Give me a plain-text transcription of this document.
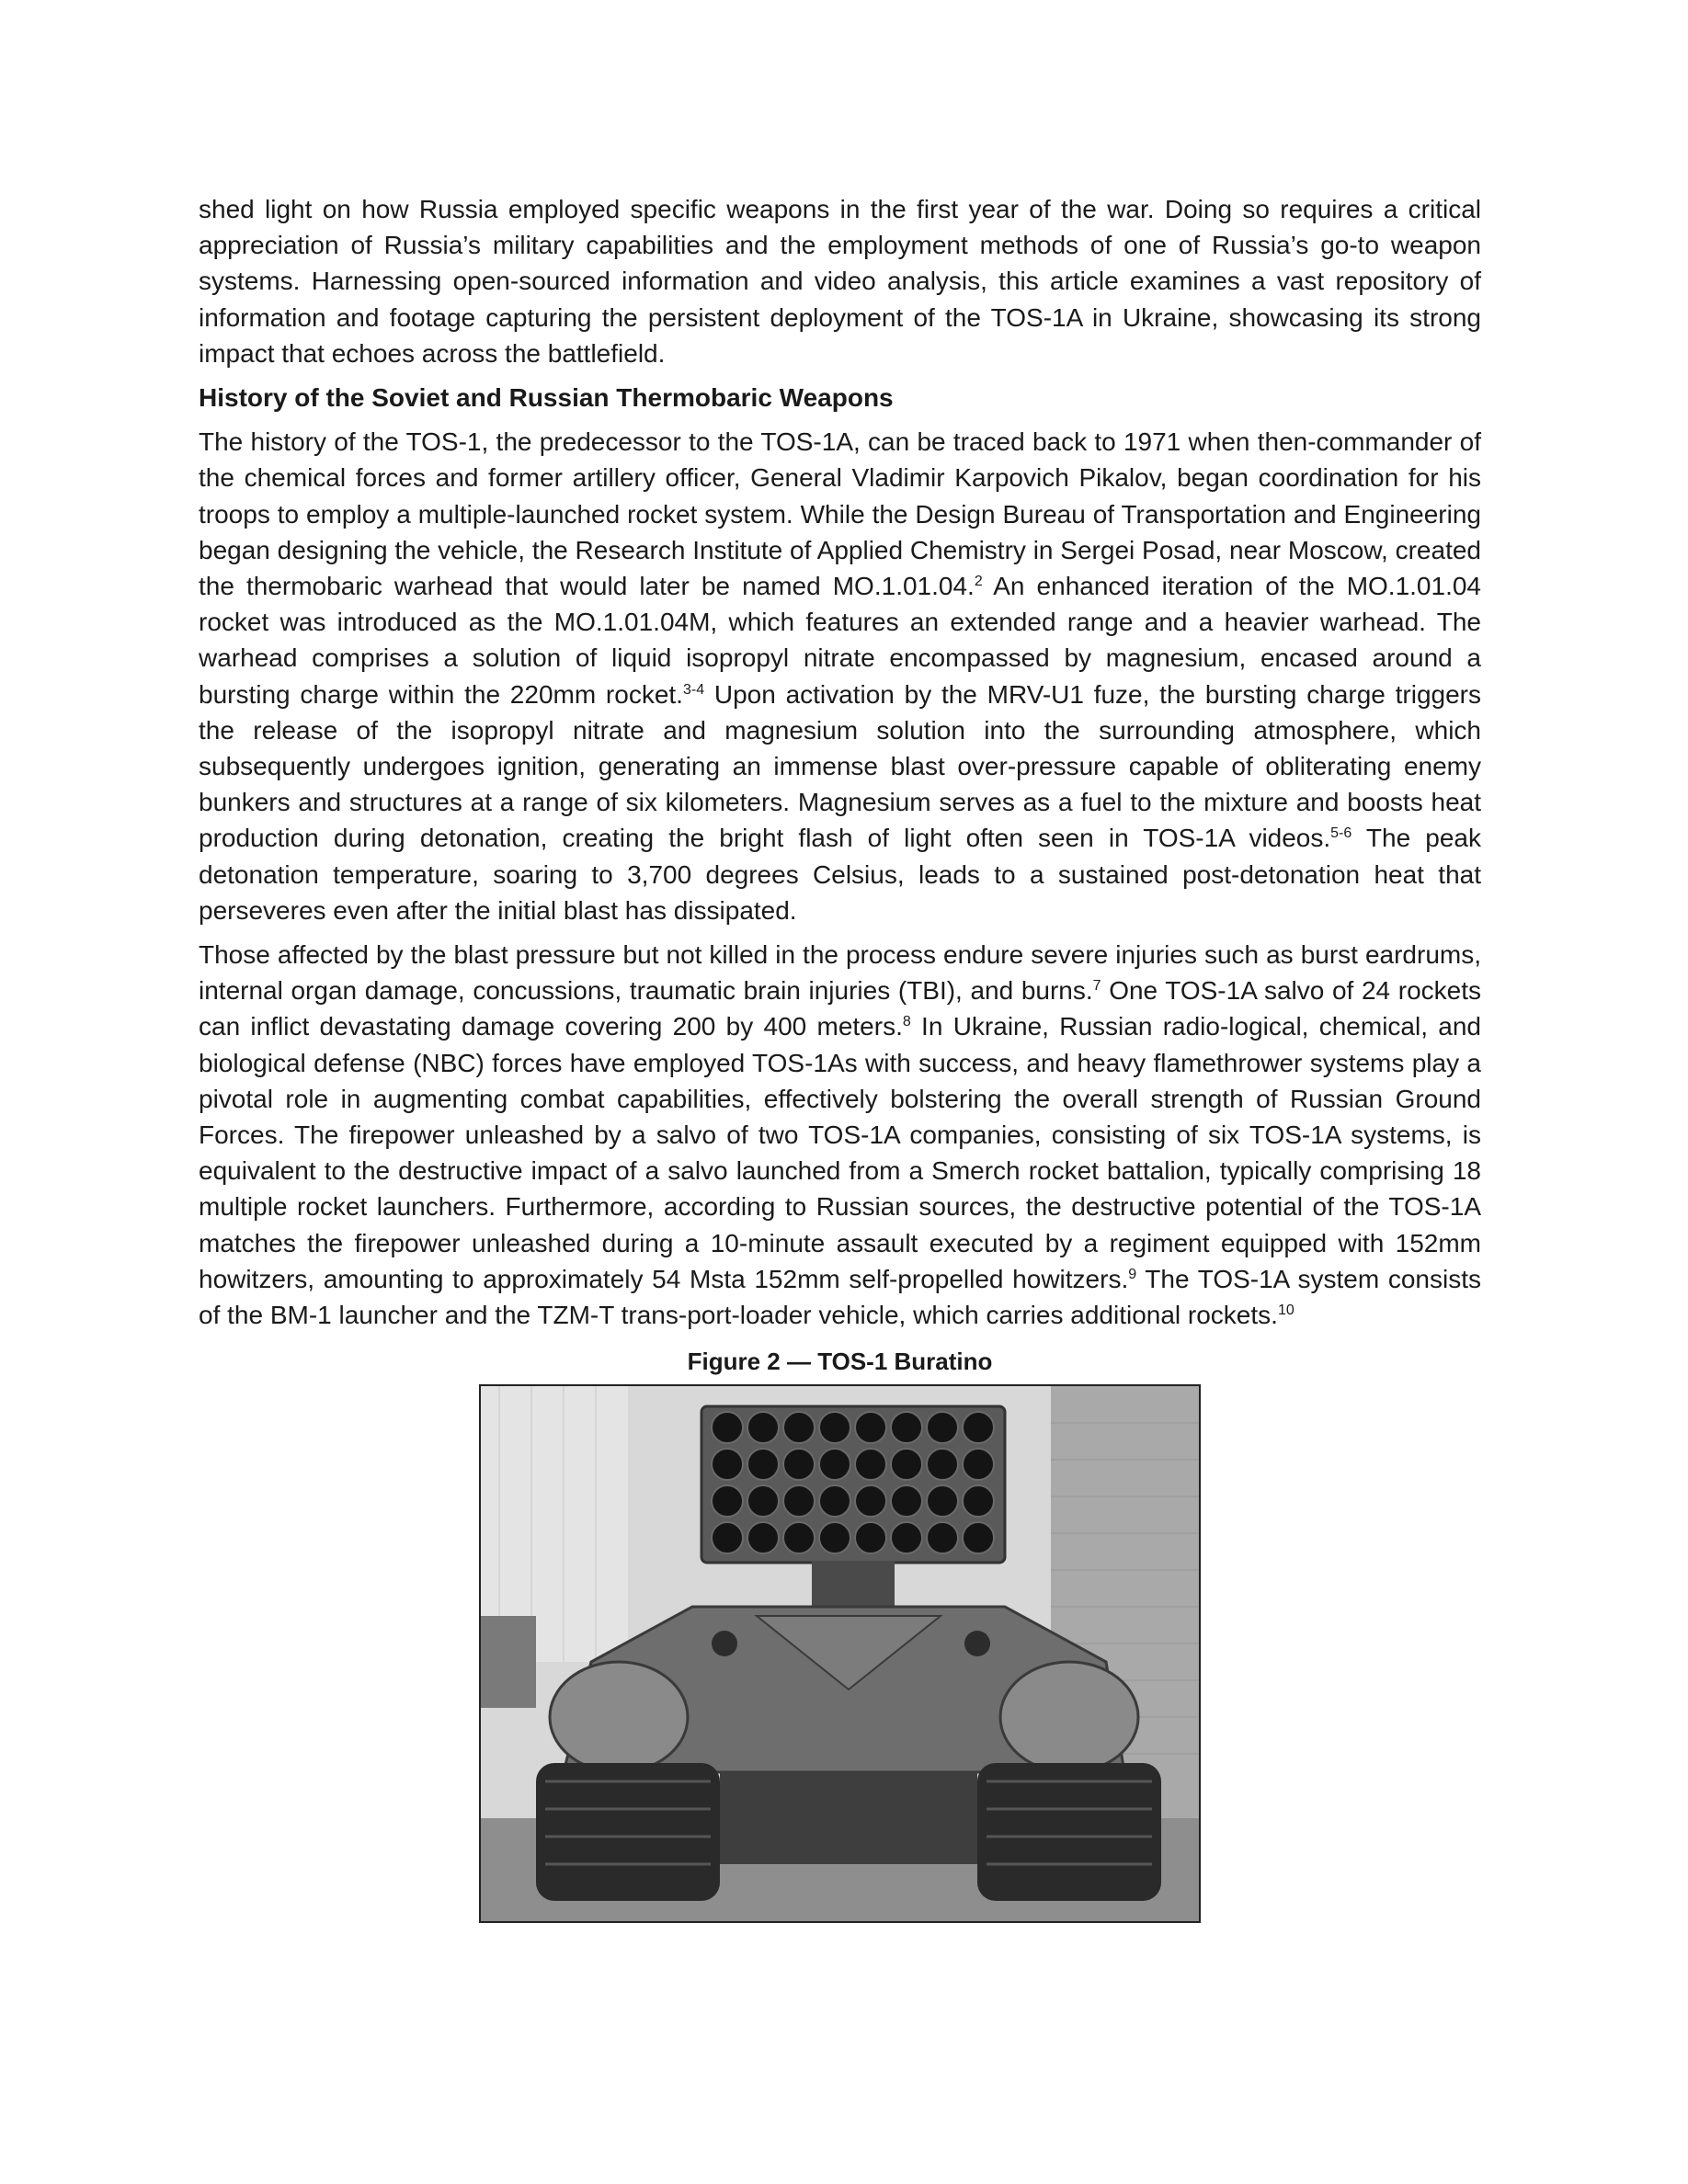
shed light on how Russia employed specific weapons in the first year of the war. Doing so requires a critical appreciation of Russia’s military capabilities and the employment methods of one of Russia’s go-to weapon systems. Harnessing open-sourced information and video analysis, this article examines a vast repository of information and footage capturing the persistent deployment of the TOS-1A in Ukraine, showcasing its strong impact that echoes across the battlefield.

History of the Soviet and Russian Thermobaric Weapons

The history of the TOS-1, the predecessor to the TOS-1A, can be traced back to 1971 when then-commander of the chemical forces and former artillery officer, General Vladimir Karpovich Pikalov, began coordination for his troops to employ a multiple-launched rocket system. While the Design Bureau of Transportation and Engineering began designing the vehicle, the Research Institute of Applied Chemistry in Sergei Posad, near Moscow, created the thermobaric warhead that would later be named MO.1.01.04.$^2$ An enhanced iteration of the MO.1.01.04 rocket was introduced as the MO.1.01.04M, which features an extended range and a heavier warhead. The warhead comprises a solution of liquid isopropyl nitrate encompassed by magnesium, encased around a bursting charge within the 220mm rocket.$^{3-4}$ Upon activation by the MRV-U1 fuze, the bursting charge triggers the release of the isopropyl nitrate and magnesium solution into the surrounding atmosphere, which subsequently undergoes ignition, generating an immense blast over-pressure capable of obliterating enemy bunkers and structures at a range of six kilometers. Magnesium serves as a fuel to the mixture and boosts heat production during detonation, creating the bright flash of light often seen in TOS-1A videos.$^{5-6}$ The peak detonation temperature, soaring to 3,700 degrees Celsius, leads to a sustained post-detonation heat that perseveres even after the initial blast has dissipated.

Those affected by the blast pressure but not killed in the process endure severe injuries such as burst eardrums, internal organ damage, concussions, traumatic brain injuries (TBI), and burns.$^7$ One TOS-1A salvo of 24 rockets can inflict devastating damage covering 200 by 400 meters.$^8$ In Ukraine, Russian radio-logical, chemical, and biological defense (NBC) forces have employed TOS-1As with success, and heavy flamethrower systems play a pivotal role in augmenting combat capabilities, effectively bolstering the overall strength of Russian Ground Forces. The firepower unleashed by a salvo of two TOS-1A companies, consisting of six TOS-1A systems, is equivalent to the destructive impact of a salvo launched from a Smerch rocket battalion, typically comprising 18 multiple rocket launchers. Furthermore, according to Russian sources, the destructive potential of the TOS-1A matches the firepower unleashed during a 10-minute assault executed by a regiment equipped with 152mm howitzers, amounting to approximately 54 Msta 152mm self-propelled howitzers.$^9$ The TOS-1A system consists of the BM-1 launcher and the TZM-T trans-port-loader vehicle, which carries additional rockets.$^{10}$

Figure 2 — TOS-1 Buratino
